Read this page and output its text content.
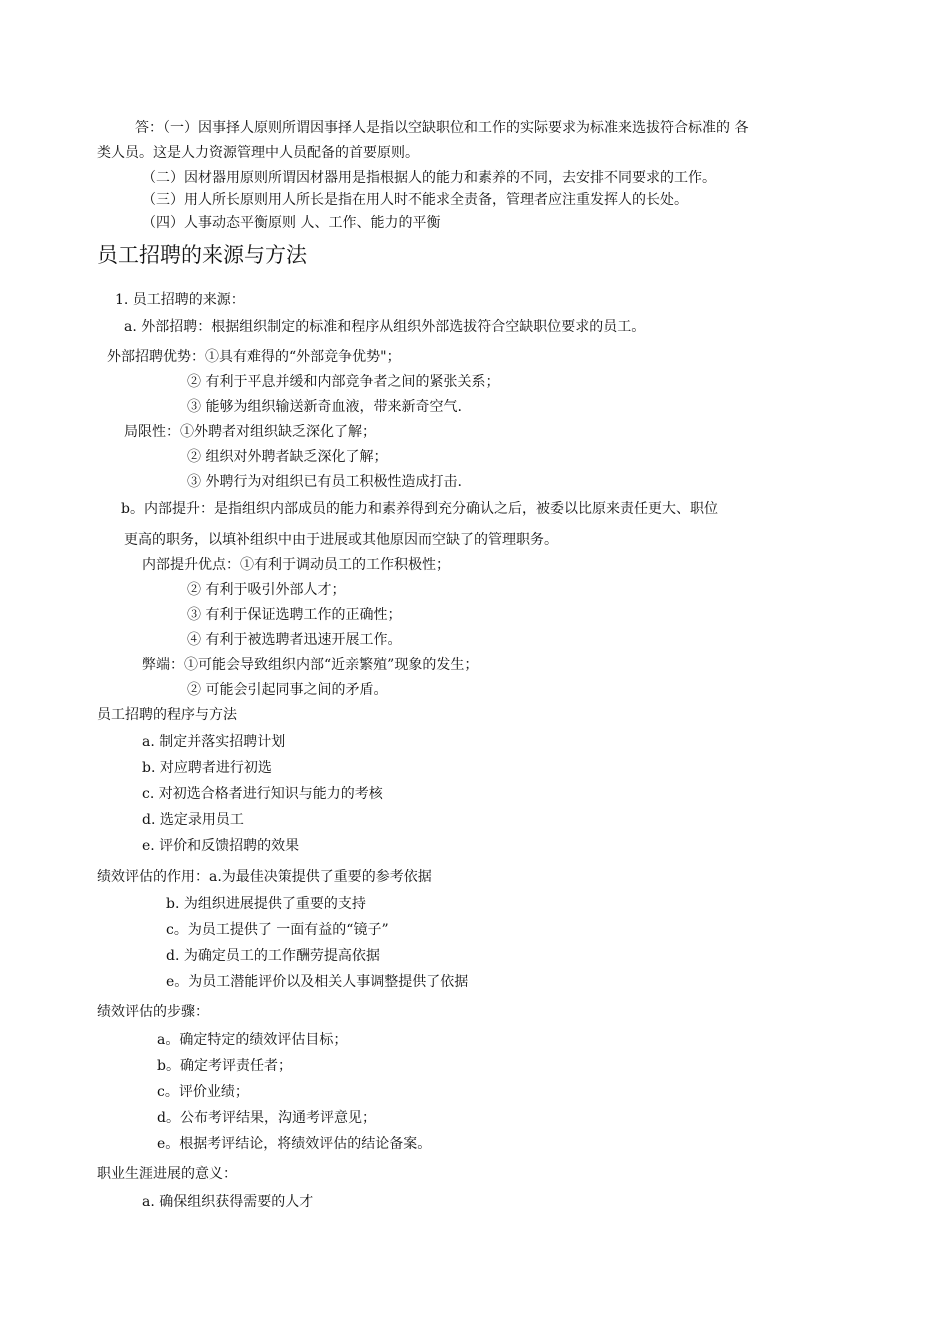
答：（一）因事择人原则所谓因事择人是指以空缺职位和工作的实际要求为标准来选拔符合标准的 各
类人员。这是人力资源管理中人员配备的首要原则。
（二）因材器用原则所谓因材器用是指根据人的能力和素养的不同，去安排不同要求的工作。
（三）用人所长原则用人所长是指在用人时不能求全责备，管理者应注重发挥人的长处。
（四）人事动态平衡原则 人、工作、能力的平衡
员工招聘的来源与方法
1. 员工招聘的来源：
a. 外部招聘：根据组织制定的标准和程序从组织外部选拔符合空缺职位要求的员工。
外部招聘优势：①具有难得的“外部竞争优势"；
② 有利于平息并缓和内部竞争者之间的紧张关系；
③ 能够为组织输送新奇血液，带来新奇空气.
局限性：①外聘者对组织缺乏深化了解；
② 组织对外聘者缺乏深化了解；
③ 外聘行为对组织已有员工积极性造成打击.
b。内部提升：是指组织内部成员的能力和素养得到充分确认之后，被委以比原来责任更大、职位
更高的职务，以填补组织中由于进展或其他原因而空缺了的管理职务。
内部提升优点：①有利于调动员工的工作积极性；
② 有利于吸引外部人才；
③ 有利于保证选聘工作的正确性；
④ 有利于被选聘者迅速开展工作。
弊端：①可能会导致组织内部“近亲繁殖”现象的发生；
② 可能会引起同事之间的矛盾。
员工招聘的程序与方法
a. 制定并落实招聘计划
b. 对应聘者进行初选
c. 对初选合格者进行知识与能力的考核
d. 选定录用员工
e. 评价和反馈招聘的效果
绩效评估的作用：a.为最佳决策提供了重要的参考依据
b. 为组织进展提供了重要的支持
c。为员工提供了 一面有益的“镜子”
d. 为确定员工的工作酬劳提高依据
e。为员工潜能评价以及相关人事调整提供了依据
绩效评估的步骤：
a。确定特定的绩效评估目标；
b。确定考评责任者；
c。评价业绩；
d。公布考评结果，沟通考评意见；
e。根据考评结论，将绩效评估的结论备案。
职业生涯进展的意义：
a. 确保组织获得需要的人才
